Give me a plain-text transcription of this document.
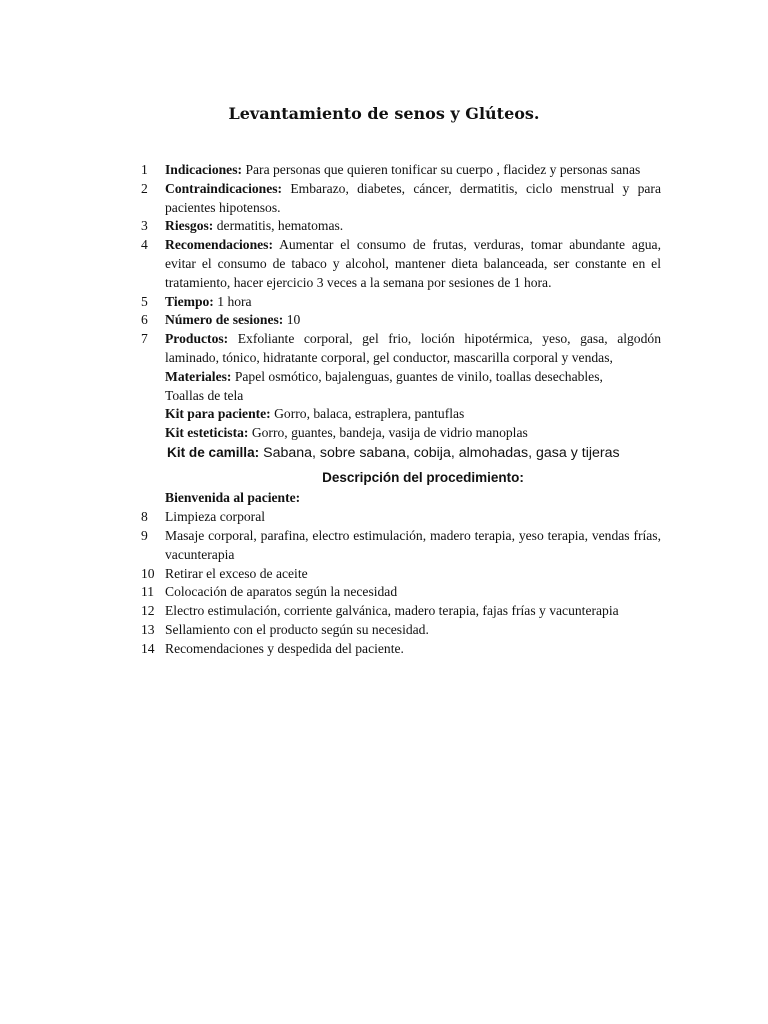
Levantamiento de senos y Glúteos.
1	Indicaciones: Para personas que quieren tonificar su cuerpo , flacidez y personas sanas
2	Contraindicaciones: Embarazo, diabetes, cáncer, dermatitis, ciclo menstrual y para pacientes hipotensos.
3	Riesgos: dermatitis, hematomas.
4	Recomendaciones: Aumentar el consumo de frutas, verduras, tomar abundante agua, evitar el consumo de tabaco y alcohol, mantener dieta balanceada, ser constante en el tratamiento, hacer ejercicio 3 veces a la semana por sesiones de 1 hora.
5	Tiempo: 1 hora
6	Número de sesiones: 10
7	Productos: Exfoliante corporal, gel frio, loción hipotérmica, yeso, gasa, algodón laminado, tónico, hidratante corporal, gel conductor, mascarilla corporal y vendas,
Materiales: Papel osmótico, bajalenguas, guantes de vinilo, toallas desechables,
Toallas de tela
Kit para paciente: Gorro, balaca, estraplera, pantuflas
Kit esteticista: Gorro, guantes, bandeja, vasija de vidrio manoplas
Kit de camilla: Sabana, sobre sabana, cobija, almohadas, gasa y tijeras
Descripción del procedimiento:
Bienvenida al paciente:
8	Limpieza corporal
9	Masaje corporal, parafina, electro estimulación, madero terapia, yeso terapia, vendas frías, vacunterapia
10 Retirar el exceso de aceite
11 Colocación de aparatos según la necesidad
12 Electro estimulación, corriente galvánica, madero terapia, fajas frías y vacunterapia
13 Sellamiento con el producto según su necesidad.
14 Recomendaciones y despedida del paciente.
